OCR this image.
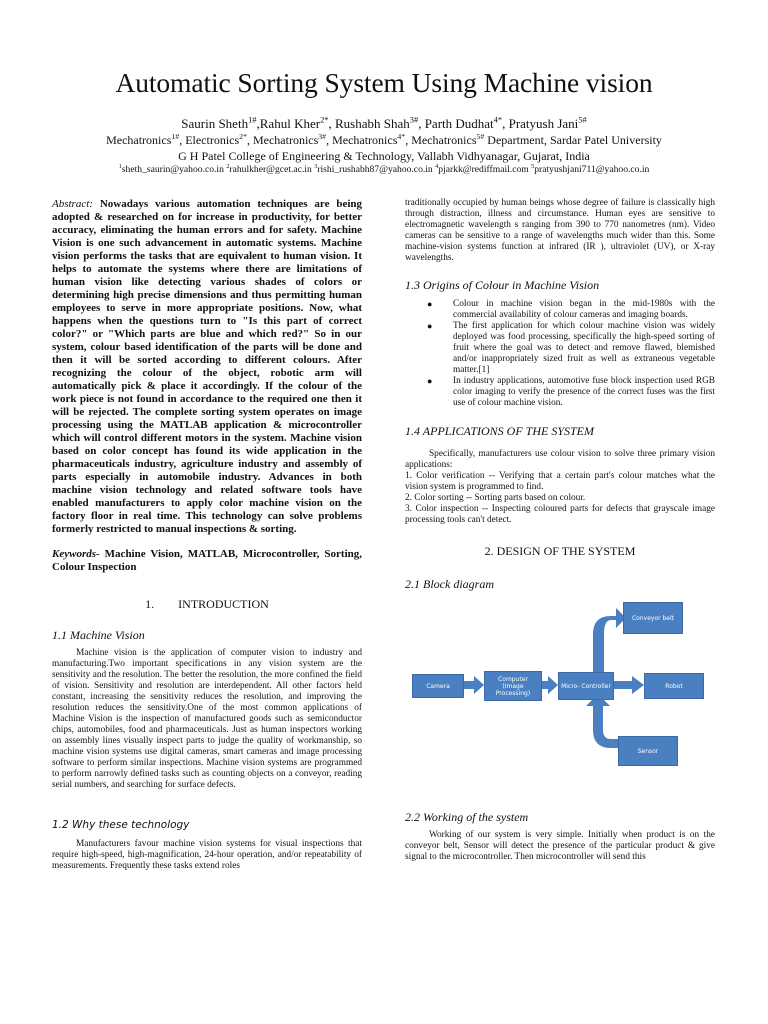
Automatic Sorting System Using Machine vision
Saurin Sheth$^{1\#}$,Rahul Kher$^{2*}$, Rushabh Shah$^{3\#}$, Parth Dudhat$^{4*}$, Pratyush Jani$^{5\#}$
Mechatronics$^{1\#}$, Electronics$^{2*}$, Mechatronics$^{3\#}$, Mechatronics$^{4*}$, Mechatronics$^{5\#}$ Department, Sardar Patel University
G H Patel College of Engineering & Technology, Vallabh Vidhyanagar, Gujarat, India
$^1$sheth_saurin@yahoo.co.in $^2$rahulkher@gcet.ac.in $^3$rishi_rushabh87@yahoo.co.in $^4$pjarkk@rediffmail.com $^5$pratyushjani711@yahoo.co.in
Abstract: Nowadays various automation techniques are being adopted & researched on for increase in productivity, for better accuracy, eliminating the human errors and for safety. Machine Vision is one such advancement in automatic systems. Machine vision performs the tasks that are equivalent to human vision. It helps to automate the systems where there are limitations of human vision like detecting various shades of colors or determining high precise dimensions and thus permitting human employees to serve in more appropriate positions. Now, what happens when the questions turn to "Is this part of correct color?" or "Which parts are blue and which red?" So in our system, colour based identification of the parts will be done and then it will be sorted according to different colours. After recognizing the colour of the object, robotic arm will automatically pick & place it accordingly. If the colour of the work piece is not found in accordance to the required one then it will be rejected. The complete sorting system operates on image processing using the MATLAB application & microcontroller which will control different motors in the system. Machine vision based on color concept has found its wide application in the pharmaceuticals industry, agriculture industry and assembly of parts especially in automobile industry. Advances in both machine vision technology and related software tools have enabled manufacturers to apply color machine vision on the factory floor in real time. This technology can solve problems formerly restricted to manual inspections & sorting.
Keywords- Machine Vision, MATLAB, Microcontroller, Sorting, Colour Inspection
1.  INTRODUCTION
1.1 Machine Vision

Machine vision is the application of computer vision to industry and manufacturing.Two important specifications in any vision system are the sensitivity and the resolution. The better the resolution, the more confined the field of vision. Sensitivity and resolution are interdependent. All other factors held constant, increasing the sensitivity reduces the resolution, and improving the resolution reduces the sensitivity.One of the most common applications of Machine Vision is the inspection of manufactured goods such as semiconductor chips, automobiles, food and pharmaceuticals. Just as human inspectors working on assembly lines visually inspect parts to judge the quality of workmanship, so machine vision systems use digital cameras, smart cameras and image processing software to perform similar inspections. Machine vision systems are programmed to perform narrowly defined tasks such as counting objects on a conveyor, reading serial numbers, and searching for surface defects.

1.2 Why these technology

Manufacturers favour machine vision systems for visual inspections that require high-speed, high-magnification, 24-hour operation, and/or repeatability of measurements. Frequently these tasks extend roles

traditionally occupied by human beings whose degree of failure is classically high through distraction, illness and circumstance. Human eyes are sensitive to electromagnetic wavelength s ranging from 390 to 770 nanometres (nm). Video cameras can be sensitive to a range of wavelengths much wider than this. Some machine-vision systems function at infrared (IR ), ultraviolet (UV), or X-ray wavelengths.

1.3 Origins of Colour in Machine Vision
● Colour in machine vision began in the mid-1980s with the commercial availability of colour cameras and imaging boards.
● The first application for which colour machine vision was widely deployed was food processing, specifically the high-speed sorting of fruit where the goal was to detect and remove flawed, blemished and/or inappropriately sized fruit as well as extraneous vegetable matter.[1]
● In industry applications, automotive fuse block inspection used RGB color imaging to verify the presence of the correct fuses was the first use of colour machine vision.
1.4 APPLICATIONS OF THE SYSTEM

Specifically, manufacturers use colour vision to solve three primary vision applications:

1. Color verification -- Verifying that a certain part's colour matches what the vision system is programmed to find.

2. Color sorting -- Sorting parts based on colour.

3. Color inspection -- Inspecting coloured parts for defects that grayscale image processing tools can't detect.

2. DESIGN OF THE SYSTEM
2.1 Block diagram
Camera
Computer
(Image Processing)
Micro- Controller	Robot
Conveyor belt
Sensor
2.2 Working of the system

Working of our system is very simple. Initially when product is on the conveyor belt, Sensor will detect the presence of the particular product & give signal to the microcontroller. Then microcontroller will send this
